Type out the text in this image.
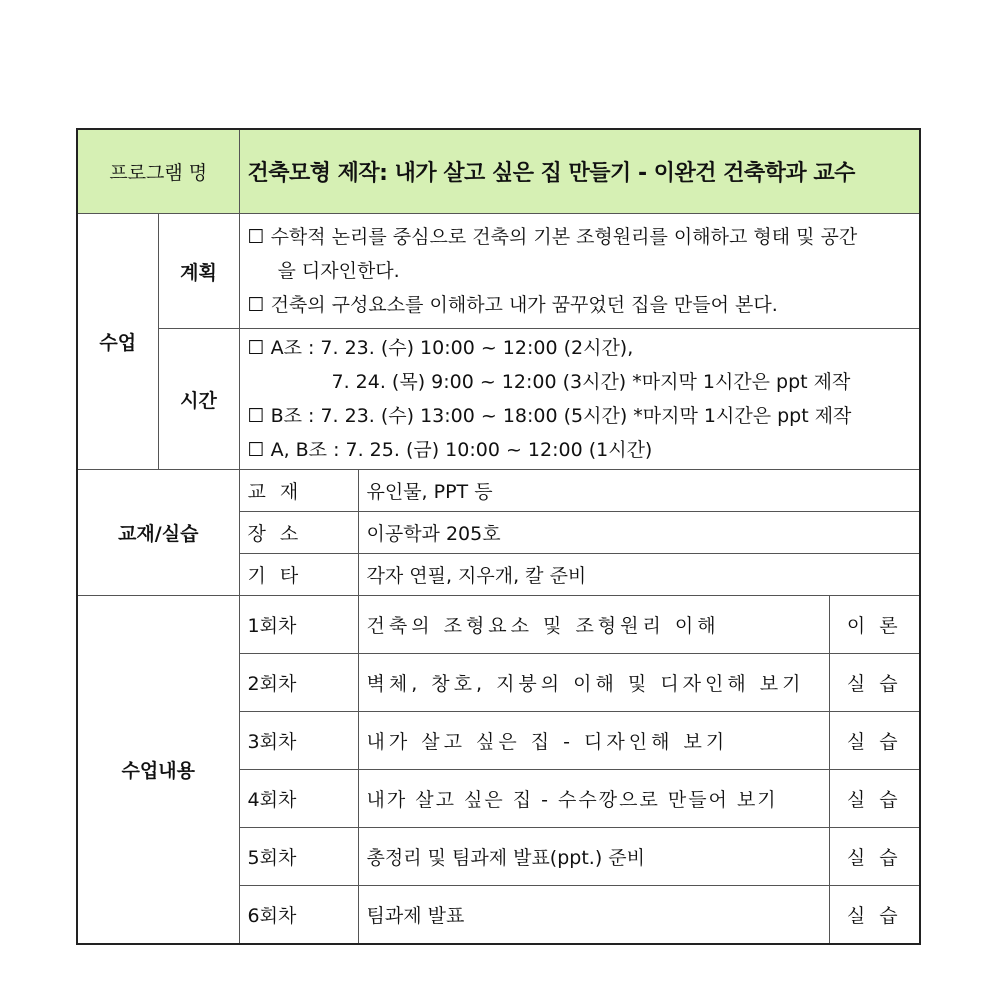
프로그램 명		건축모형 제작: 내가 살고 싶은 집 만들기 - 이완건 건축학과 교수		
수업	계획	☐ 수학적 논리를 중심으로 건축의 기본 조형원리를 이해하고 형태 및 공간
을 디자인한다.
☐ 건축의 구성요소를 이해하고 내가 꿈꾸었던 집을 만들어 본다.		

	시간	☐ A조 : 7. 23. (수) 10:00 ~ 12:00 (2시간),
7. 24. (목) 9:00 ~ 12:00 (3시간) *마지막 1시간은 ppt 제작
☐ B조 : 7. 23. (수) 13:00 ~ 18:00 (5시간) *마지막 1시간은 ppt 제작
☐ A, B조 : 7. 25. (금) 10:00 ~ 12:00 (1시간)		

교재/실습		교 재	유인물, PPT 등	
		장 소	이공학과 205호	
		기 타	각자 연필, 지우개, 칼 준비	
수업내용		1회차	건축의 조형요소 및 조형원리 이해	이 론
		2회차	벽체, 창호, 지붕의 이해 및 디자인해 보기	실 습
		3회차	내가 살고 싶은 집 - 디자인해 보기	실 습
		4회차	내가 살고 싶은 집 - 수수깡으로 만들어 보기	실 습
		5회차	총정리 및 팀과제 발표(ppt.) 준비	실 습
		6회차	팀과제 발표	실 습
